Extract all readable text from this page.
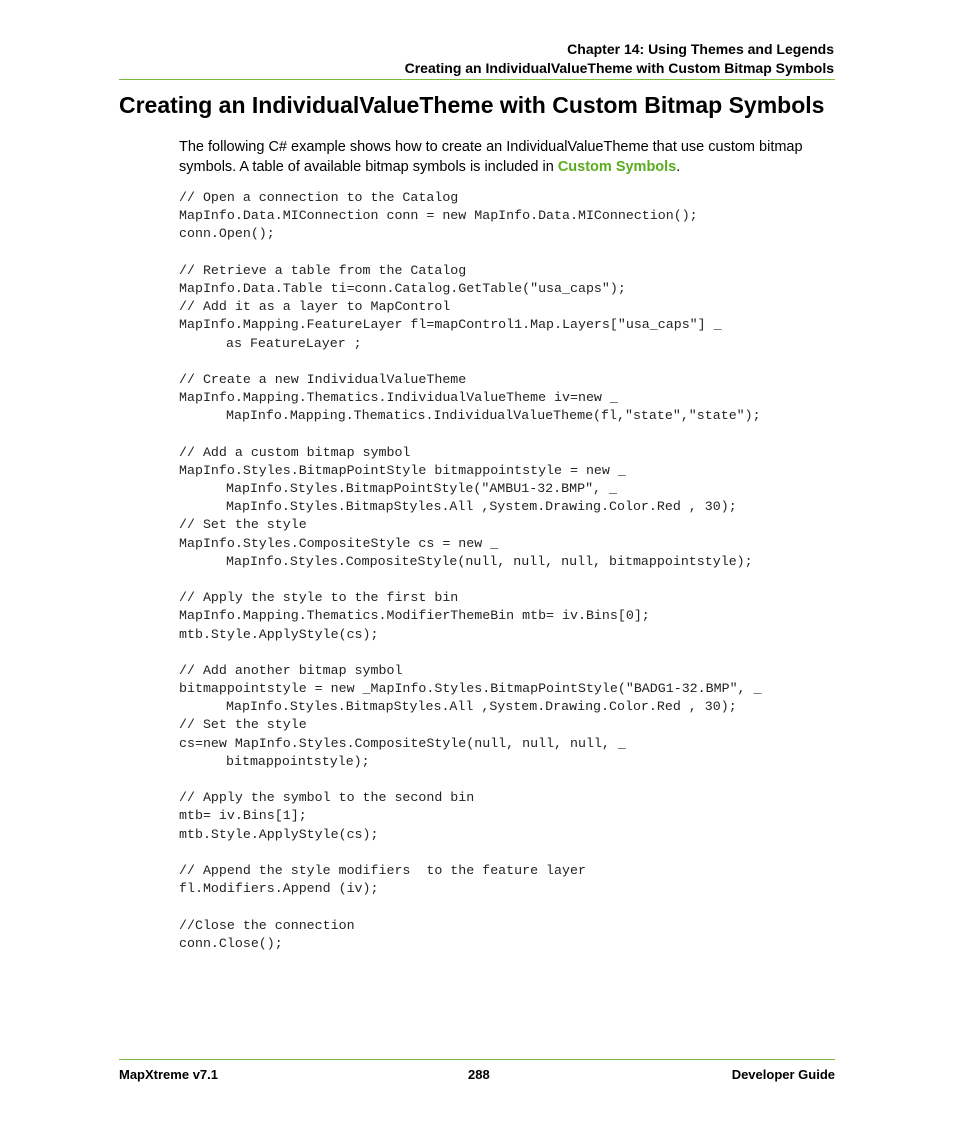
Chapter 14: Using Themes and Legends
Creating an IndividualValueTheme with Custom Bitmap Symbols
Creating an IndividualValueTheme with Custom Bitmap Symbols

The following C# example shows how to create an IndividualValueTheme that use custom bitmap symbols. A table of available bitmap symbols is included in Custom Symbols.

// Open a connection to the Catalog
MapInfo.Data.MIConnection conn = new MapInfo.Data.MIConnection();
conn.Open();
// Retrieve a table from the Catalog
MapInfo.Data.Table ti=conn.Catalog.GetTable("usa_caps");
// Add it as a layer to MapControl
MapInfo.Mapping.FeatureLayer fl=mapControl1.Map.Layers["usa_caps"] _
as FeatureLayer ;
// Create a new IndividualValueTheme
MapInfo.Mapping.Thematics.IndividualValueTheme iv=new _
MapInfo.Mapping.Thematics.IndividualValueTheme(fl,"state","state");
// Add a custom bitmap symbol
MapInfo.Styles.BitmapPointStyle bitmappointstyle = new _
MapInfo.Styles.BitmapPointStyle("AMBU1-32.BMP", _
MapInfo.Styles.BitmapStyles.All ,System.Drawing.Color.Red , 30);
// Set the style
MapInfo.Styles.CompositeStyle cs = new _
MapInfo.Styles.CompositeStyle(null, null, null, bitmappointstyle);
// Apply the style to the first bin
MapInfo.Mapping.Thematics.ModifierThemeBin mtb= iv.Bins[0];
mtb.Style.ApplyStyle(cs);
// Add another bitmap symbol
bitmappointstyle = new _MapInfo.Styles.BitmapPointStyle("BADG1-32.BMP", _
MapInfo.Styles.BitmapStyles.All ,System.Drawing.Color.Red , 30);
// Set the style
cs=new MapInfo.Styles.CompositeStyle(null, null, null, _
bitmappointstyle);
// Apply the symbol to the second bin
mtb= iv.Bins[1];
mtb.Style.ApplyStyle(cs);
// Append the style modifiers  to the feature layer
fl.Modifiers.Append (iv);
//Close the connection
conn.Close();
MapXtreme v7.1	288	Developer Guide
